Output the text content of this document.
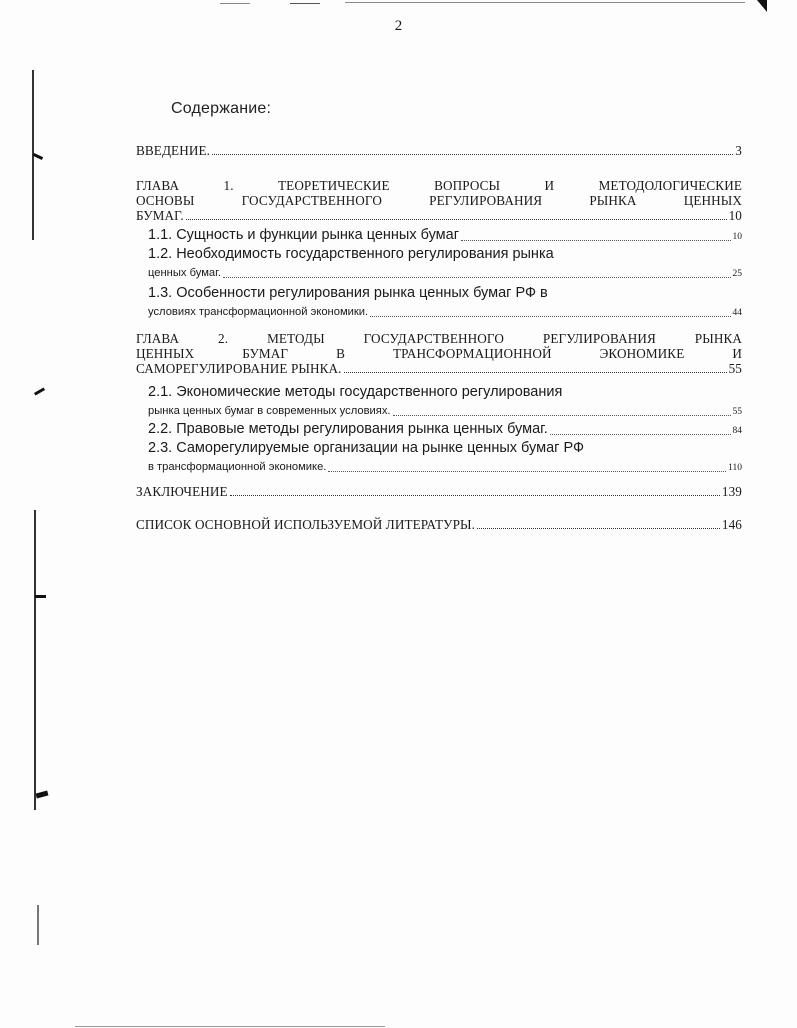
2
Содержание:
ВВЕДЕНИЕ.	3
ГЛАВА 1. ТЕОРЕТИЧЕСКИЕ ВОПРОСЫ И МЕТОДОЛОГИЧЕСКИЕ
ОСНОВЫ ГОСУДАРСТВЕННОГО РЕГУЛИРОВАНИЯ РЫНКА ЦЕННЫХ
БУМАГ.	10
1.1. Сущность и функции рынка ценных бумаг	10
1.2. Необходимость государственного регулирования рынка
ценных бумаг.	25
1.3. Особенности регулирования рынка ценных бумаг РФ в
условиях трансформационной экономики.	44
ГЛАВА 2. МЕТОДЫ ГОСУДАРСТВЕННОГО РЕГУЛИРОВАНИЯ РЫНКА
ЦЕННЫХ БУМАГ В ТРАНСФОРМАЦИОННОЙ ЭКОНОМИКЕ И
САМОРЕГУЛИРОВАНИЕ РЫНКА.	55
2.1. Экономические методы государственного регулирования
рынка ценных бумаг в современных условиях.	55
2.2. Правовые методы регулирования рынка ценных бумаг.	84
2.3. Саморегулируемые организации на рынке ценных бумаг РФ
в трансформационной экономике.	110
ЗАКЛЮЧЕНИЕ	139
СПИСОК ОСНОВНОЙ ИСПОЛЬЗУЕМОЙ ЛИТЕРАТУРЫ.	146
